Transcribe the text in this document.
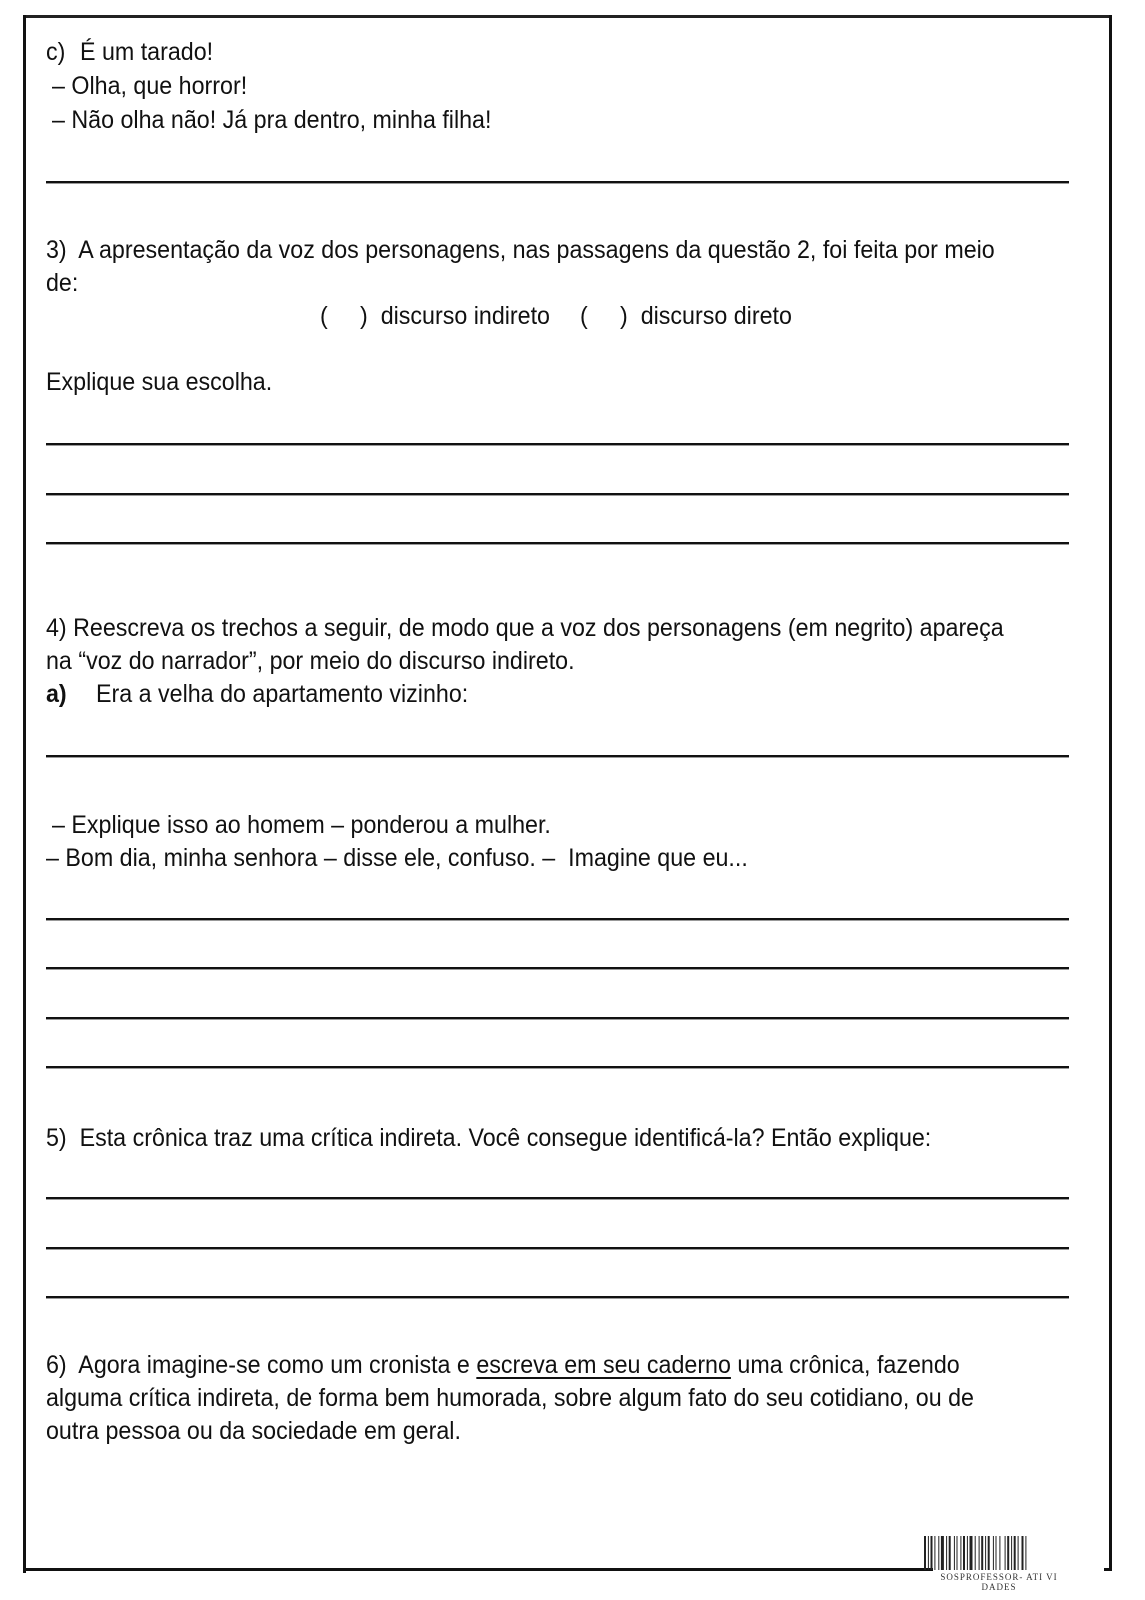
c) É um tarado!
– Olha, que horror!
– Não olha não! Já pra dentro, minha filha!
3)  A apresentação da voz dos personagens, nas passagens da questão 2, foi feita por meio
de:
(     )  discurso indireto (     )  discurso direto
Explique sua escolha.
4) Reescreva os trechos a seguir, de modo que a voz dos personagens (em negrito) apareça
na “voz do narrador”, por meio do discurso indireto.
a) Era a velha do apartamento vizinho:
– Explique isso ao homem – ponderou a mulher.
– Bom dia, minha senhora – disse ele, confuso. –  Imagine que eu...
5)  Esta crônica traz uma crítica indireta. Você consegue identificá-la? Então explique:
6)  Agora imagine-se como um cronista e escreva em seu caderno uma crônica, fazendo
alguma crítica indireta, de forma bem humorada, sobre algum fato do seu cotidiano, ou de
outra pessoa ou da sociedade em geral.
SOSPROFESSOR- ATI VI DADES
